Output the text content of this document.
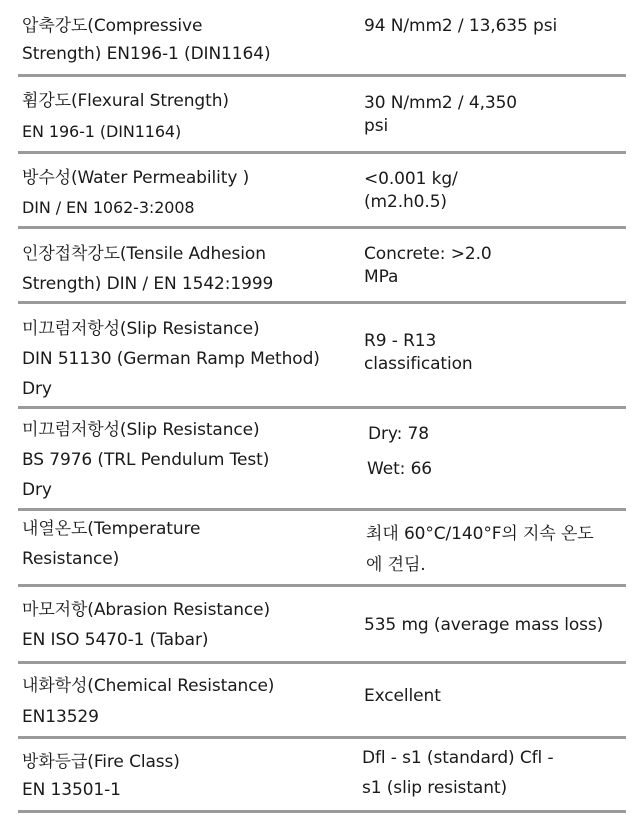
압축강도(Compressive
Strength) EN196-1 (DIN1164)
94 N/mm2 / 13,635 psi
휨강도(Flexural Strength)
EN 196-1 (DIN1164)
30 N/mm2 / 4,350
psi
방수성(Water Permeability )
DIN / EN 1062-3:2008
<0.001 kg/
(m2.h0.5)
인장접착강도(Tensile Adhesion
Strength) DIN / EN 1542:1999
Concrete: >2.0
MPa
미끄럼저항성(Slip Resistance)
DIN 51130 (German Ramp Method)
Dry
R9 - R13
classification
미끄럼저항성(Slip Resistance)
BS 7976 (TRL Pendulum Test)
Dry
Dry: 78
Wet: 66
내열온도(Temperature
Resistance)
최대 60°C/140°F의 지속 온도
에 견딤.
마모저항(Abrasion Resistance)
EN ISO 5470-1 (Tabar)
535 mg (average mass loss)
내화학성(Chemical Resistance)
EN13529
Excellent
방화등급(Fire Class)
EN 13501-1
Dfl - s1 (standard) Cfl -
s1 (slip resistant)
